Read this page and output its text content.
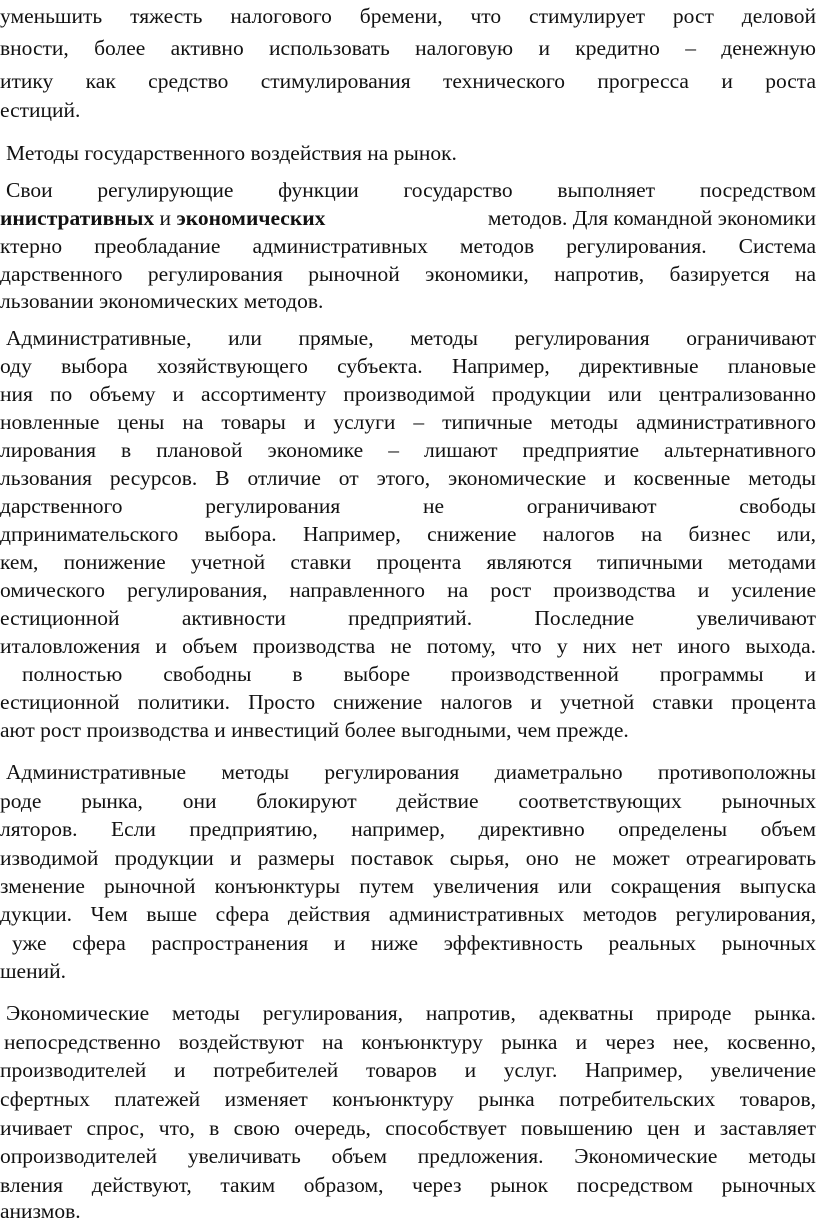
уменьшить тяжесть налогового бремени, что стимулирует рост деловой
вности, более активно использовать налоговую и кредитно – денежную
итику как средство стимулирования технического прогресса и роста
естиций.
Методы государственного воздействия на рынок.
Свои регулирующие функции государство выполняет посредством
инистративных и экономических	методов. Для командной экономики
ктерно преобладание административных методов регулирования. Система
дарственного регулирования рыночной экономики, напротив, базируется на
льзовании экономических методов.
Административные, или прямые, методы регулирования ограничивают
оду выбора хозяйствующего субъекта. Например, директивные плановые
ния по объему и ассортименту производимой продукции или централизованно
новленные цены на товары и услуги – типичные методы административного
лирования в плановой экономике – лишают предприятие альтернативного
льзования ресурсов. В отличие от этого, экономические и косвенные методы
дарственного регулирования не ограничивают свободы
дпринимательского выбора. Например, снижение налогов на бизнес или,
кем, понижение учетной ставки процента являются типичными методами
омического регулирования, направленного на рост производства и усиление
естиционной активности предприятий. Последние увеличивают
италовложения и объем производства не потому, что у них нет иного выхода.
полностью свободны в выборе производственной программы и
естиционной политики. Просто снижение налогов и учетной ставки процента
ают рост производства и инвестиций более выгодными, чем прежде.
Административные методы регулирования диаметрально противоположны
роде рынка, они блокируют действие соответствующих рыночных
ляторов. Если предприятию, например, директивно определены объем
изводимой продукции и размеры поставок сырья, оно не может отреагировать
зменение рыночной конъюнктуры путем увеличения или сокращения выпуска
дукции. Чем выше сфера действия административных методов регулирования,
уже сфера распространения и ниже эффективность реальных рыночных
шений.
Экономические методы регулирования, напротив, адекватны природе рынка.
непосредственно воздействуют на конъюнктуру рынка и через нее, косвенно,
производителей и потребителей товаров и услуг. Например, увеличение
сфертных платежей изменяет конъюнктуру рынка потребительских товаров,
ичивает спрос, что, в свою очередь, способствует повышению цен и заставляет
опроизводителей увеличивать объем предложения. Экономические методы
вления действуют, таким образом, через рынок посредством рыночных
анизмов.
